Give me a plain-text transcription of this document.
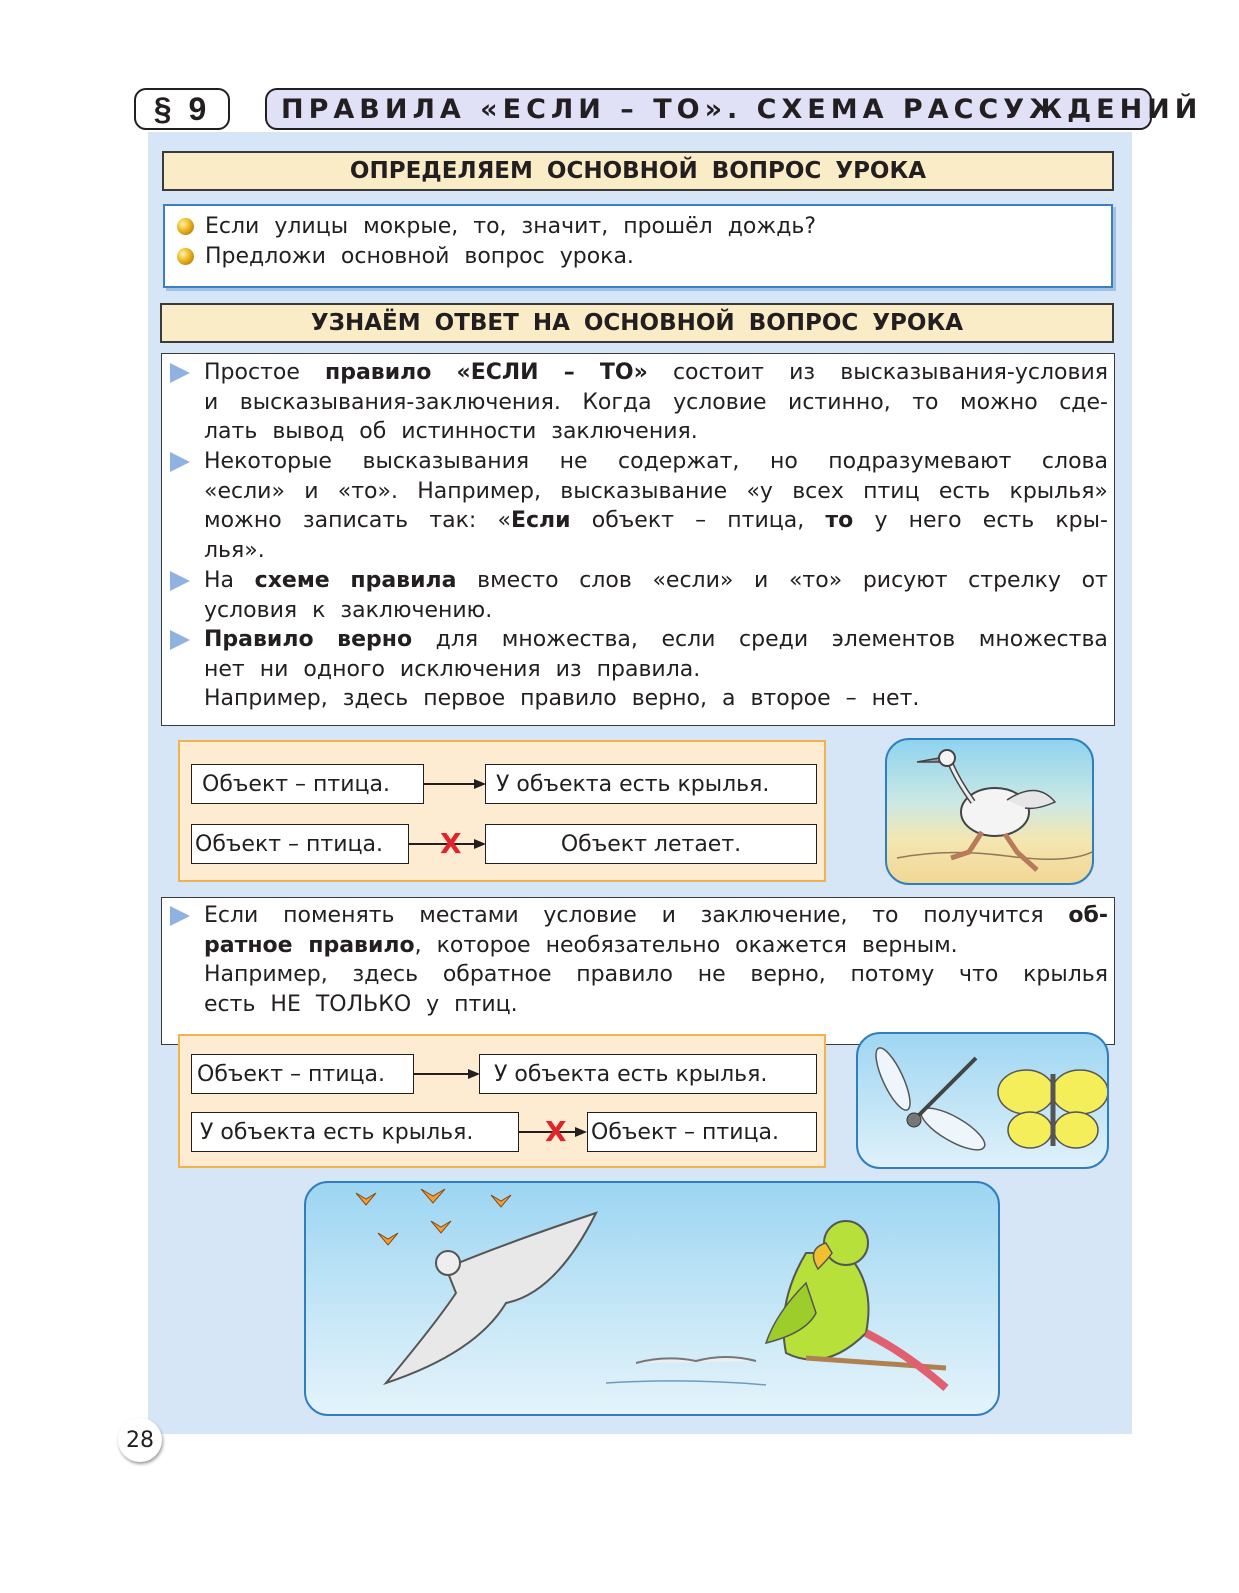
§ 9	ПРАВИЛА «ЕСЛИ – ТО». СХЕМА РАССУЖДЕНИЙ
ОПРЕДЕЛЯЕМ ОСНОВНОЙ ВОПРОС УРОКА
Если улицы мокрые, то, значит, прошёл дождь?
Предложи основной вопрос урока.
УЗНАЁМ ОТВЕТ НА ОСНОВНОЙ ВОПРОС УРОКА
Простое правило «ЕСЛИ – ТО» состоит из высказывания-условия
и высказывания-заключения. Когда условие истинно, то можно сде-
лать вывод об истинности заключения.
Некоторые высказывания не содержат, но подразумевают слова
«если» и «то». Например, высказывание «у всех птиц есть крылья»
можно записать так: «Если объект – птица, то у него есть кры-
лья».
На схеме правила вместо слов «если» и «то» рисуют стрелку от
условия к заключению.
Правило верно для множества, если среди элементов множества
нет ни одного исключения из правила.
Например, здесь первое правило верно, а второе – нет.
Объект – птица.	У объекта есть крылья.
Объект – птица.	X	Объект летает.
Если поменять местами условие и заключение, то получится об-
ратное правило , которое необязательно окажется верным.
Например, здесь обратное правило не верно, потому что крылья
есть НЕ ТОЛЬКО у птиц.
Объект – птица.	У объекта есть крылья.
У объекта есть крылья.	X Объект – птица.
28
